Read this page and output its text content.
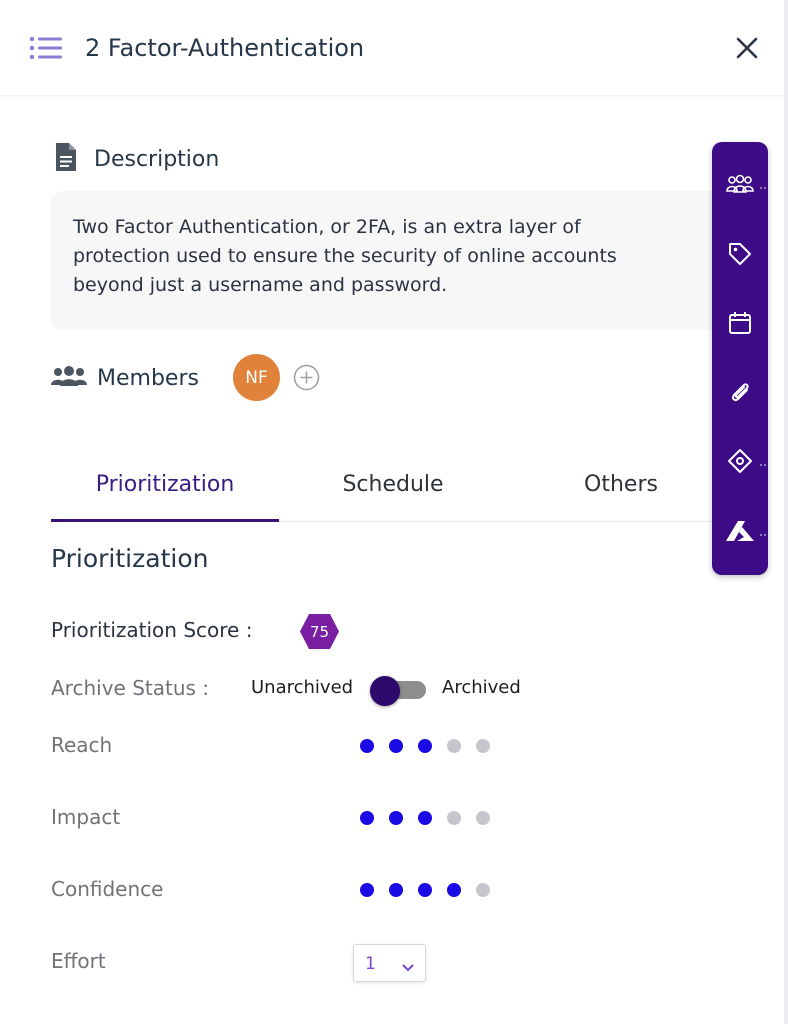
2 Factor-Authentication
Description

Two Factor Authentication, or 2FA, is an extra layer of protection used to ensure the security of online accounts beyond just a username and password.

Members	NF
Prioritization	Schedule	Others
Prioritization
Prioritization Score :	75
Archive Status : Unarchived	Archived
Reach
Impact
Confidence
Effort	1
